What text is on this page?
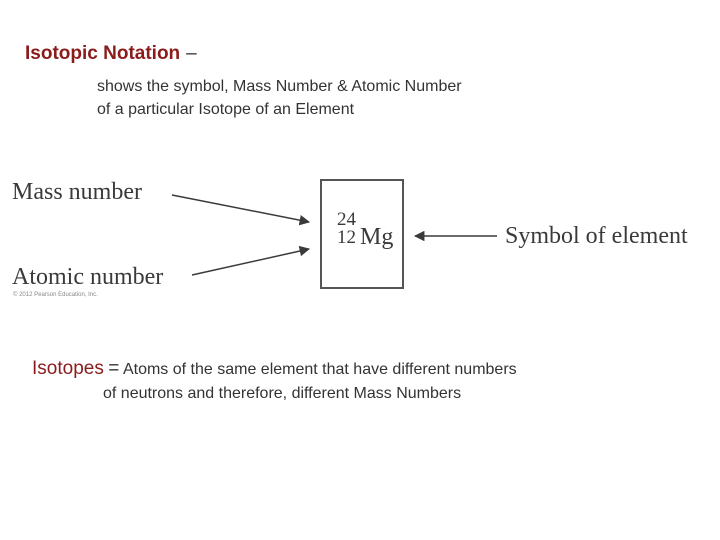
Isotopic Notation –
shows the symbol, Mass Number & Atomic Number
of a particular Isotope of an Element
Mass number
Atomic number
Symbol of element
© 2012 Pearson Education, Inc.
24
12 Mg
Isotopes = Atoms of the same element that have different numbers
of neutrons and therefore, different Mass Numbers
